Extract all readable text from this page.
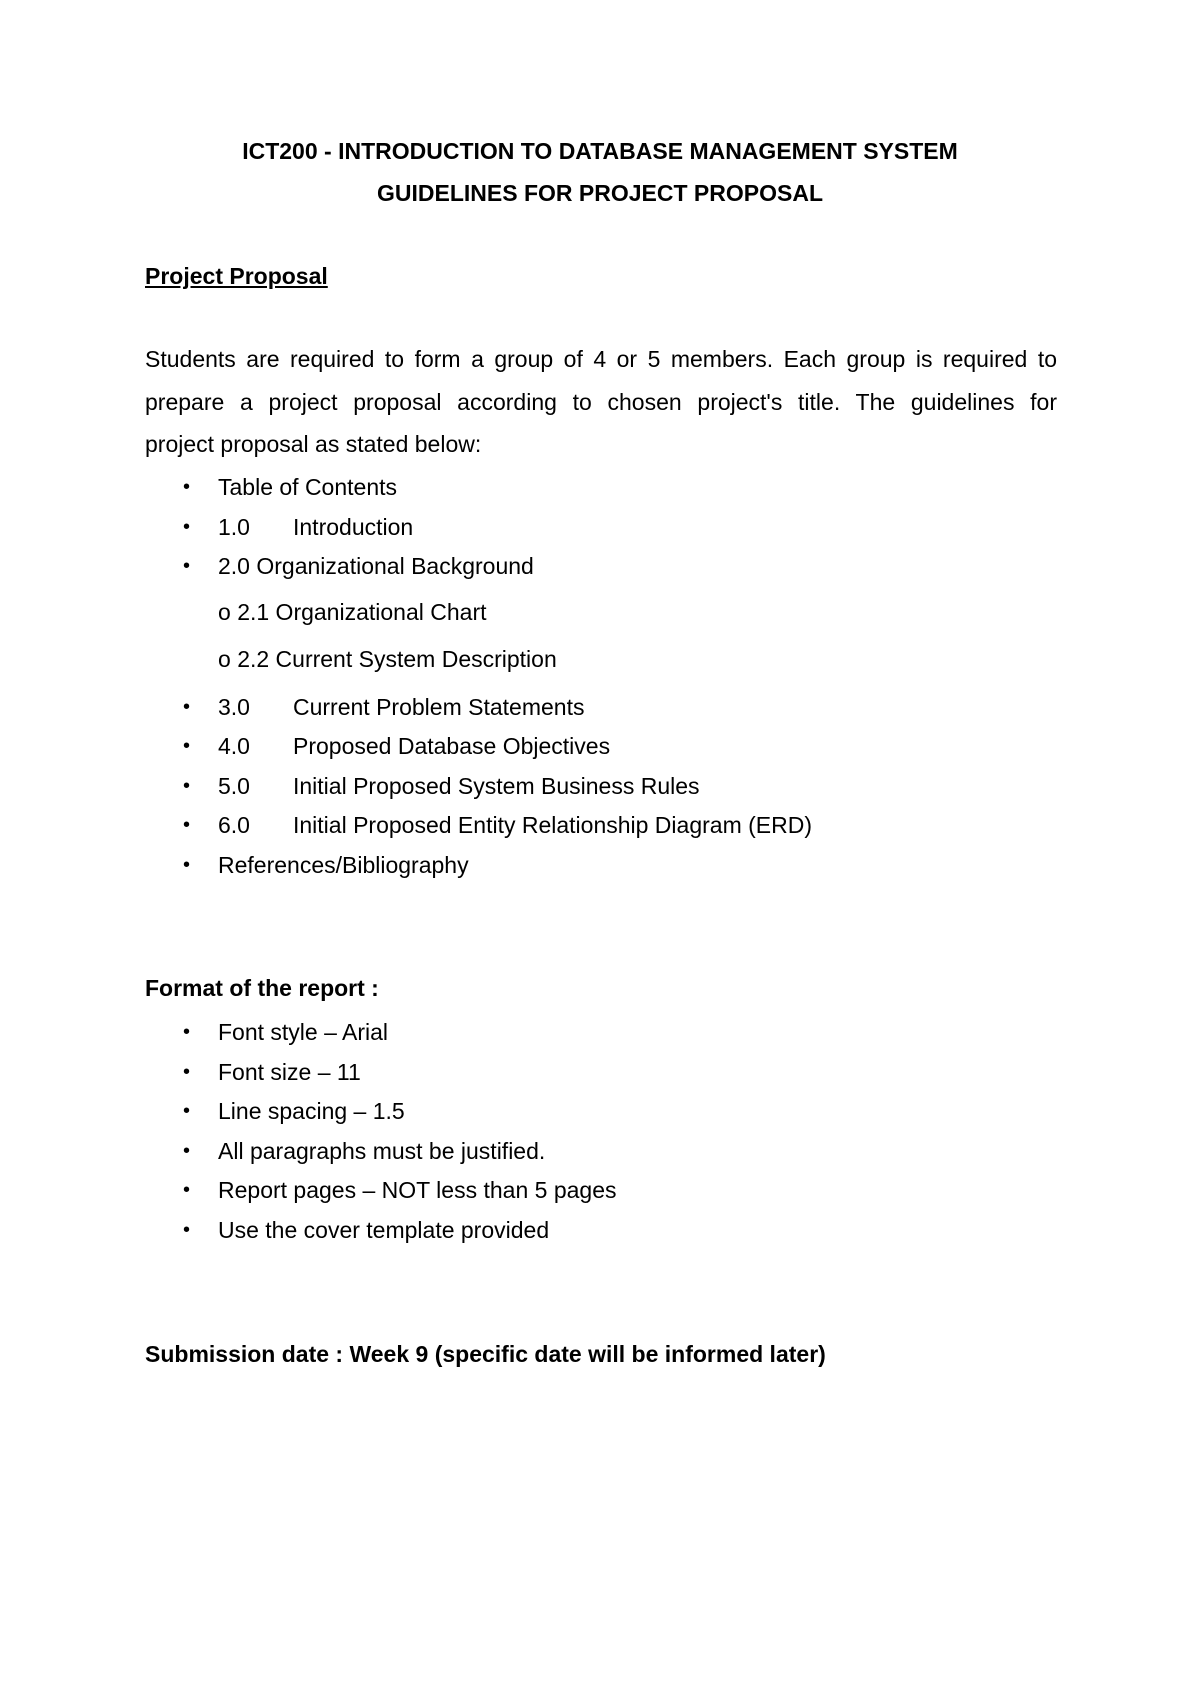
ICT200 - INTRODUCTION TO DATABASE MANAGEMENT SYSTEM
GUIDELINES FOR PROJECT PROPOSAL
Project Proposal
Students are required to form a group of 4 or 5 members. Each group is required to
prepare a project proposal according to chosen project's title. The guidelines for
project proposal as stated below:
• Table of Contents
• 1.0 Introduction
• 2.0 Organizational Background
o 2.1 Organizational Chart
o 2.2 Current System Description
• 3.0 Current Problem Statements
• 4.0 Proposed Database Objectives
• 5.0 Initial Proposed System Business Rules
• 6.0 Initial Proposed Entity Relationship Diagram (ERD)
• References/Bibliography
Format of the report :
• Font style – Arial
• Font size – 11
• Line spacing – 1.5
• All paragraphs must be justified.
• Report pages – NOT less than 5 pages
• Use the cover template provided
Submission date : Week 9 (specific date will be informed later)
